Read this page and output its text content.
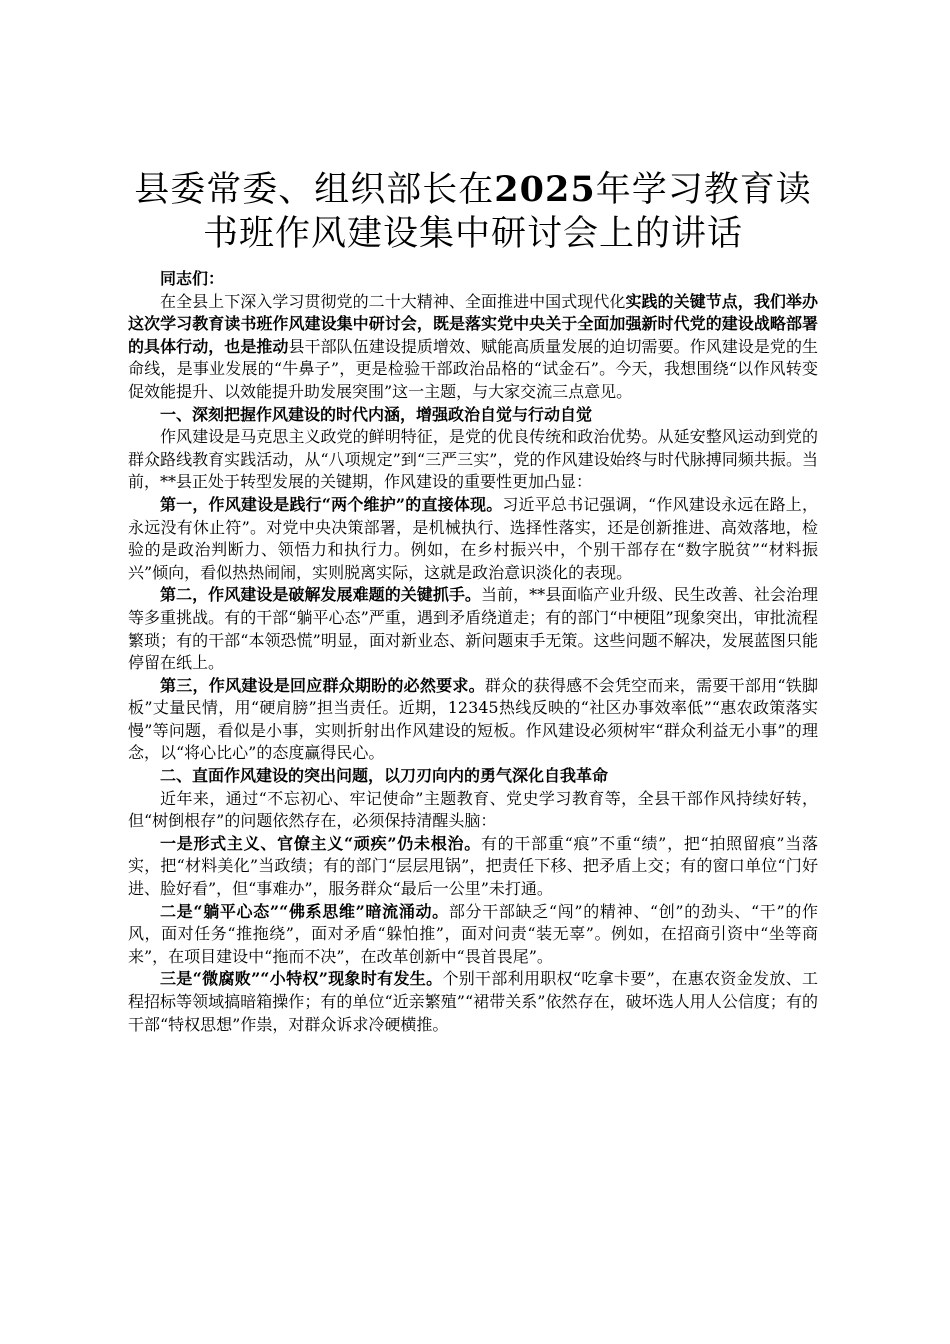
县委常委、组织部长在2025年学习教育读书班作风建设集中研讨会上的讲话

同志们：

在全县上下深入学习贯彻党的二十大精神、全面推进中国式现代化实践的关键节点，我们举办这次学习教育读书班作风建设集中研讨会，既是落实党中央关于全面加强新时代党的建设战略部署的具体行动，也是推动县干部队伍建设提质增效、赋能高质量发展的迫切需要。作风建设是党的生命线，是事业发展的“牛鼻子”，更是检验干部政治品格的“试金石”。今天，我想围绕“以作风转变促效能提升、以效能提升助发展突围”这一主题，与大家交流三点意见。

一、深刻把握作风建设的时代内涵，增强政治自觉与行动自觉

作风建设是马克思主义政党的鲜明特征，是党的优良传统和政治优势。从延安整风运动到党的群众路线教育实践活动，从“八项规定”到“三严三实”，党的作风建设始终与时代脉搏同频共振。当前，**县正处于转型发展的关键期，作风建设的重要性更加凸显：

第一，作风建设是践行“两个维护”的直接体现。习近平总书记强调，“作风建设永远在路上，永远没有休止符”。对党中央决策部署，是机械执行、选择性落实，还是创新推进、高效落地，检验的是政治判断力、领悟力和执行力。例如，在乡村振兴中，个别干部存在“数字脱贫”“材料振兴”倾向，看似热热闹闹，实则脱离实际，这就是政治意识淡化的表现。

第二，作风建设是破解发展难题的关键抓手。当前，**县面临产业升级、民生改善、社会治理等多重挑战。有的干部“躺平心态”严重，遇到矛盾绕道走；有的部门“中梗阻”现象突出，审批流程繁琐；有的干部“本领恐慌”明显，面对新业态、新问题束手无策。这些问题不解决，发展蓝图只能停留在纸上。

第三，作风建设是回应群众期盼的必然要求。群众的获得感不会凭空而来，需要干部用“铁脚板”丈量民情，用“硬肩膀”担当责任。近期，12345热线反映的“社区办事效率低”“惠农政策落实慢”等问题，看似是小事，实则折射出作风建设的短板。作风建设必须树牢“群众利益无小事”的理念，以“将心比心”的态度赢得民心。

二、直面作风建设的突出问题，以刀刃向内的勇气深化自我革命

近年来，通过“不忘初心、牢记使命”主题教育、党史学习教育等，全县干部作风持续好转，但“树倒根存”的问题依然存在，必须保持清醒头脑：

一是形式主义、官僚主义“顽疾”仍未根治。有的干部重“痕”不重“绩”，把“拍照留痕”当落实，把“材料美化”当政绩；有的部门“层层甩锅”，把责任下移、把矛盾上交；有的窗口单位“门好进、脸好看”，但“事难办”，服务群众“最后一公里”未打通。

二是“躺平心态”“佛系思维”暗流涌动。部分干部缺乏“闯”的精神、“创”的劲头、“干”的作风，面对任务“推拖绕”，面对矛盾“躲怕推”，面对问责“装无辜”。例如，在招商引资中“坐等商来”，在项目建设中“拖而不决”，在改革创新中“畏首畏尾”。

三是“微腐败”“小特权”现象时有发生。个别干部利用职权“吃拿卡要”，在惠农资金发放、工程招标等领域搞暗箱操作；有的单位“近亲繁殖”“裙带关系”依然存在，破坏选人用人公信度；有的干部“特权思想”作祟，对群众诉求冷硬横推。
